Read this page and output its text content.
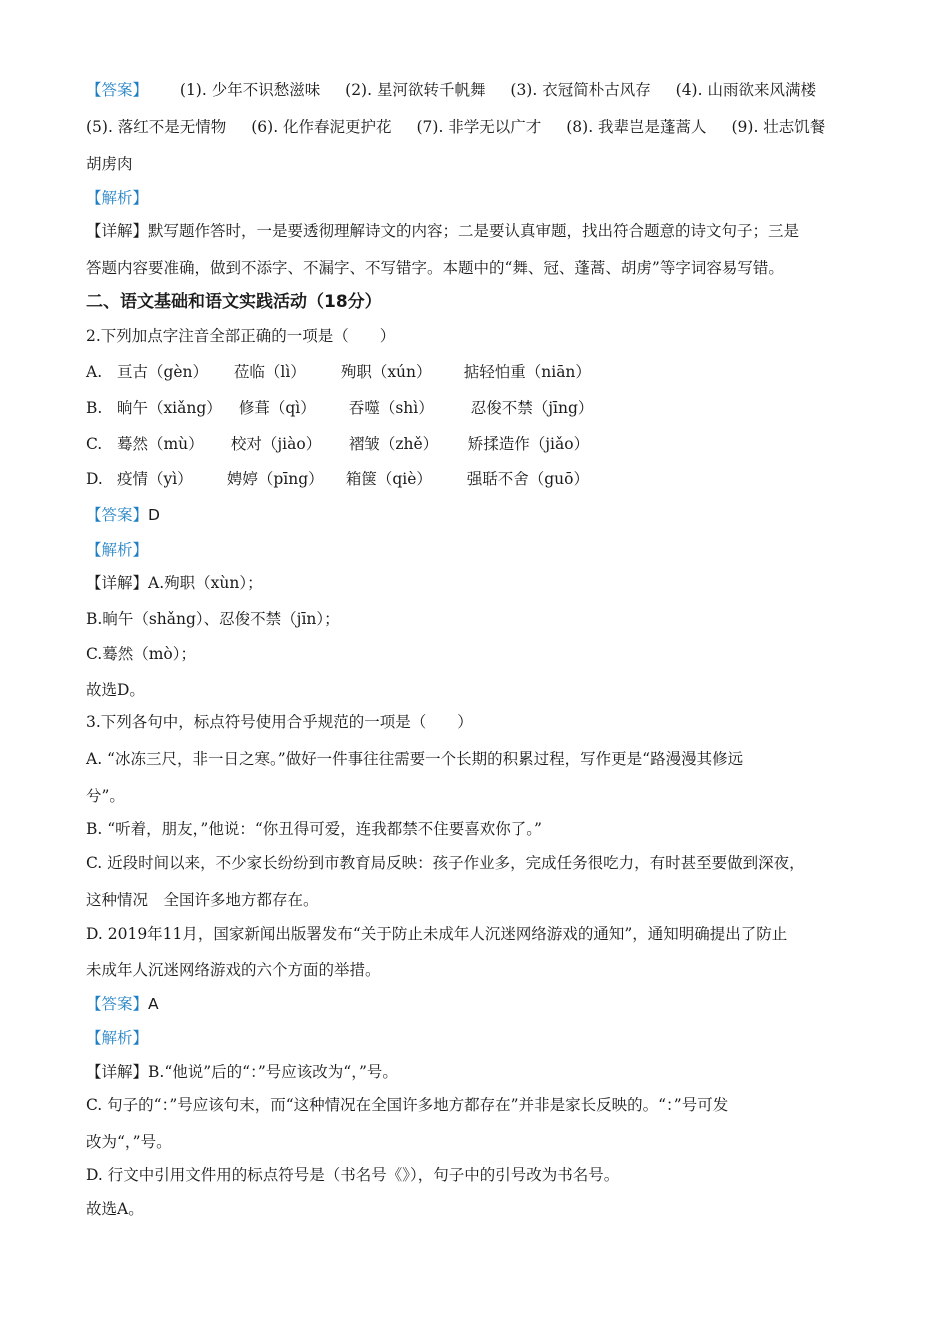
【答案】 (1). 少年不识愁滋味 (2). 星河欲转千帆舞 (3). 衣冠简朴古风存 (4). 山雨欲来风满楼
(5). 落红不是无情物 (6). 化作春泥更护花 (7). 非学无以广才 (8). 我辈岂是蓬蒿人 (9). 壮志饥餐
胡虏肉
【解析】
【详解】默写题作答时，一是要透彻理解诗文的内容；二是要认真审题，找出符合题意的诗文句子；三是
答题内容要准确，做到不添字、不漏字、不写错字。本题中的“舞、冠、蓬蒿、胡虏”等字词容易写错。
二、语文基础和语文实践活动（18分）
2.下列加点字注音全部正确的一项是（　　）
A. 亘古（gèn） 莅临（lì） 殉职（xún） 掂轻怕重（niān）
B. 晌午（xiǎng） 修葺（qì） 吞噬（shì） 忍俊不禁（jīng）
C. 蓦然（mù） 校对（jiào） 褶皱（zhě） 矫揉造作（jiǎo）
D. 疫情（yì） 娉婷（pīng） 箱箧（qiè） 强聒不舍（guō）
【答案】D
【解析】
【详解】A.殉职（xùn）；
B.晌午（shǎng）、忍俊不禁（jīn）；
C.蓦然（mò）；
故选D。
3.下列各句中，标点符号使用合乎规范的一项是（　　）
A. “冰冻三尺，非一日之寒。”做好一件事往往需要一个长期的积累过程，写作更是“路漫漫其修远
兮”。
B. “听着，朋友，”他说：“你丑得可爱，连我都禁不住要喜欢你了。”
C. 近段时间以来，不少家长纷纷到市教育局反映：孩子作业多，完成任务很吃力，有时甚至要做到深夜，
这种情况　全国许多地方都存在。
D. 2019年11月，国家新闻出版署发布“关于防止未成年人沉迷网络游戏的通知”，通知明确提出了防止
未成年人沉迷网络游戏的六个方面的举措。
【答案】A
【解析】
【详解】B.“他说”后的“：”号应该改为“，”号。
C. 句子的“：”号应该句末，而“这种情况在全国许多地方都存在”并非是家长反映的。“：”号可发
改为“，”号。
D. 行文中引用文件用的标点符号是（书名号《》），句子中的引号改为书名号。
故选A。
